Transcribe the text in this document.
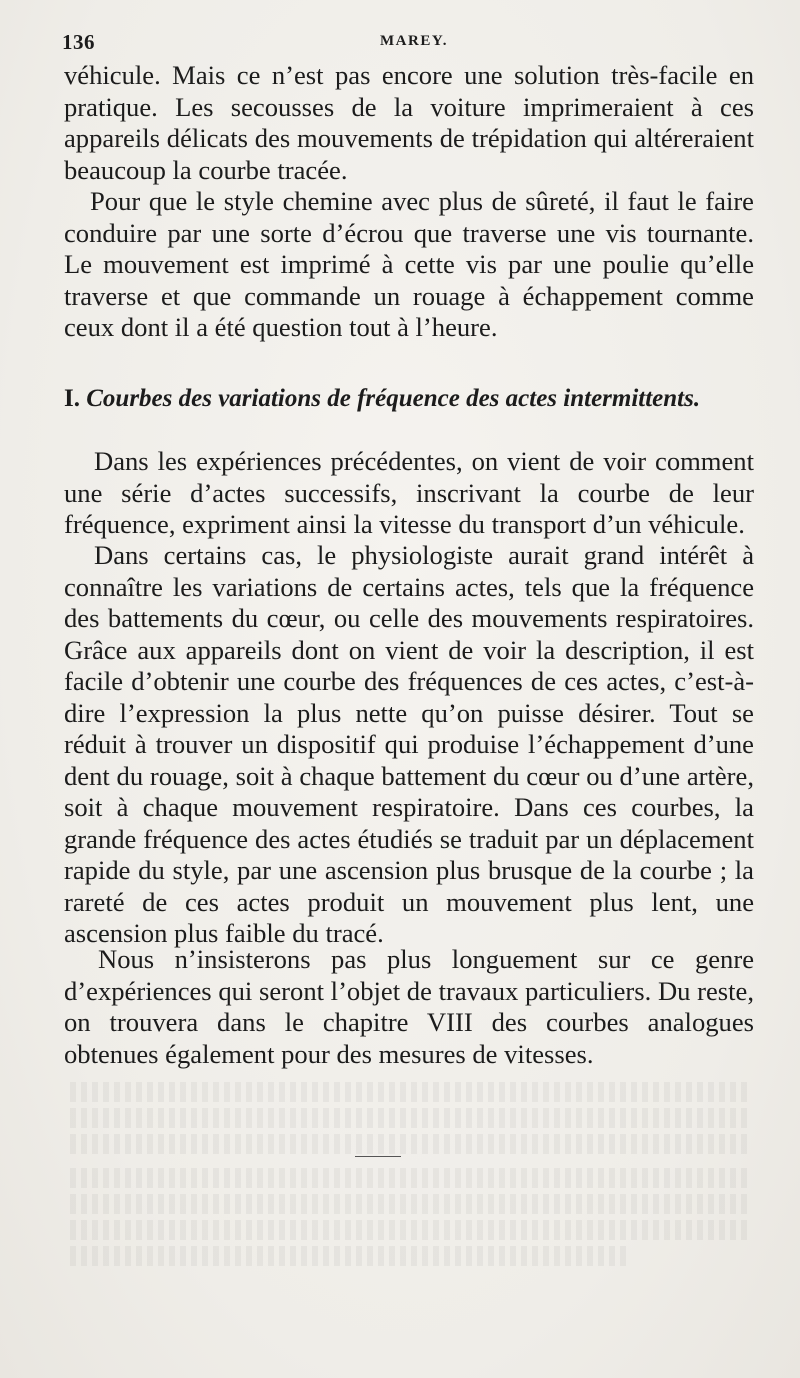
136	MAREY.

véhicule. Mais ce n’est pas encore une solution très-facile en pratique. Les secousses de la voiture imprimeraient à ces appareils délicats des mouvements de trépidation qui altéreraient beaucoup la courbe tracée.

Pour que le style chemine avec plus de sûreté, il faut le faire conduire par une sorte d’écrou que traverse une vis tournante. Le mouvement est imprimé à cette vis par une poulie qu’elle traverse et que commande un rouage à échappement comme ceux dont il a été question tout à l’heure.

I. Courbes des variations de fréquence des actes intermittents.

Dans les expériences précédentes, on vient de voir comment une série d’actes successifs, inscrivant la courbe de leur fréquence, expriment ainsi la vitesse du transport d’un véhicule.

Dans certains cas, le physiologiste aurait grand intérêt à connaître les variations de certains actes, tels que la fréquence des battements du cœur, ou celle des mouvements respiratoires. Grâce aux appareils dont on vient de voir la description, il est facile d’obtenir une courbe des fréquences de ces actes, c’est-à-dire l’expression la plus nette qu’on puisse désirer. Tout se réduit à trouver un dispositif qui produise l’échappement d’une dent du rouage, soit à chaque battement du cœur ou d’une artère, soit à chaque mouvement respiratoire. Dans ces courbes, la grande fréquence des actes étudiés se traduit par un déplacement rapide du style, par une ascension plus brusque de la courbe ; la rareté de ces actes produit un mouvement plus lent, une ascension plus faible du tracé.

Nous n’insisterons pas plus longuement sur ce genre d’expériences qui seront l’objet de travaux particuliers. Du reste, on trouvera dans le chapitre VIII des courbes analogues obtenues également pour des mesures de vitesses.
